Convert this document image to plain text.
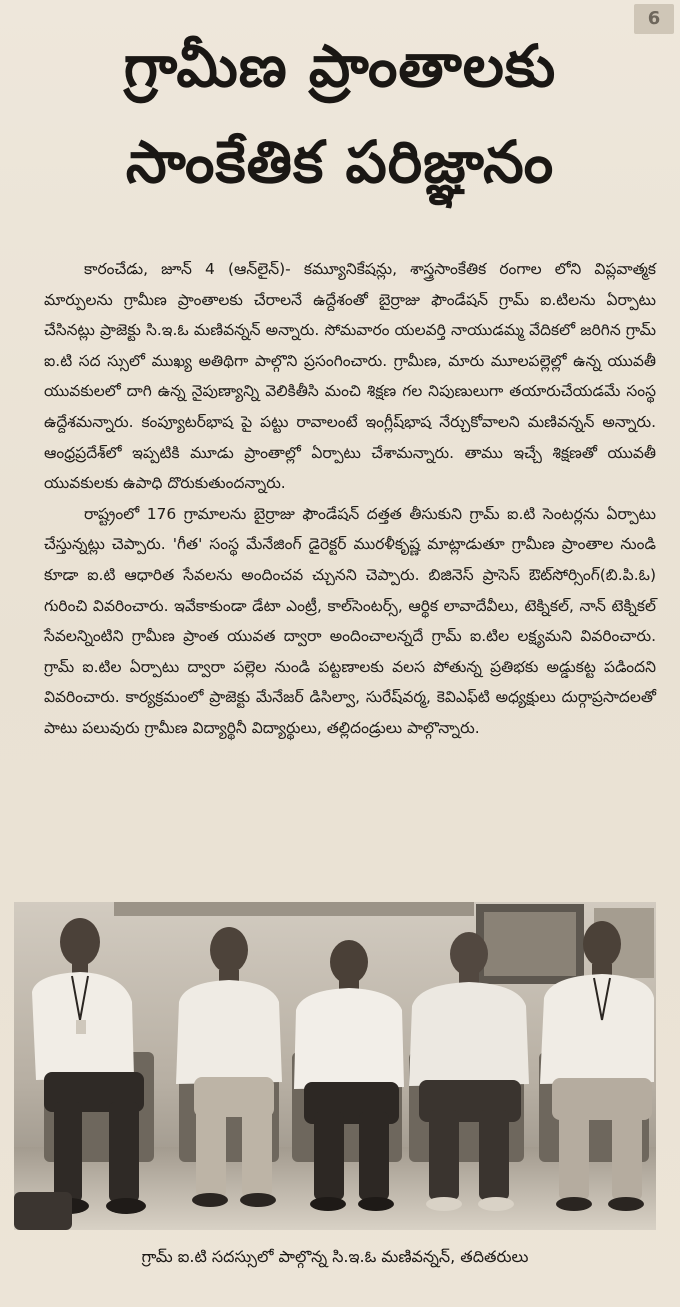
6
గ్రామీణ ప్రాంతాలకు
సాంకేతిక పరిజ్ఞానం

కారంచేడు, జూన్ 4 (ఆన్‌లైన్)- కమ్యూనికేషన్లు, శాస్త్రసాంకేతిక రంగాల లోని విప్లవాత్మక మార్పులను గ్రామీణ ప్రాంతాలకు చేరాలనే ఉద్దేశంతో బైర్రాజు ఫౌండేషన్ గ్రామ్ ఐ.టిలను ఏర్పాటు చేసినట్లు ప్రాజెక్టు సి.ఇ.ఓ మణివన్నన్ అన్నారు. సోమవారం యలవర్తి నాయుడమ్మ వేదికలో జరిగిన గ్రామ్ ఐ.టి సద స్సులో ముఖ్య అతిథిగా పాల్గొని ప్రసంగించారు. గ్రామీణ, మారు మూలపల్లెల్లో ఉన్న యువతీ యువకులలో దాగి ఉన్న నైపుణ్యాన్ని వెలికితీసి మంచి శిక్షణ గల నిపుణులుగా తయారుచేయడమే సంస్థ ఉద్దేశమన్నారు. కంప్యూటర్‌భాష పై పట్టు రావాలంటే ఇంగ్లీష్‌భాష నేర్చుకోవాలని మణివన్నన్ అన్నారు. ఆంధ్రప్రదేశ్‌లో ఇప్పటికి మూడు ప్రాంతాల్లో ఏర్పాటు చేశామన్నారు. తాము ఇచ్చే శిక్షణతో యువతీ యువకులకు ఉపాధి దొరుకుతుందన్నారు.

రాష్ట్రంలో 176 గ్రామాలను బైర్రాజు ఫౌండేషన్ దత్తత తీసుకుని గ్రామ్ ఐ.టి సెంటర్లను ఏర్పాటు చేస్తున్నట్లు చెప్పారు. 'గీత' సంస్థ మేనేజింగ్ డైరెక్టర్ మురళీకృష్ణ మాట్లాడుతూ గ్రామీణ ప్రాంతాల నుండి కూడా ఐ.టి ఆధారిత సేవలను అందించవ చ్చునని చెప్పారు. బిజినెస్ ప్రాసెస్ ఔట్‌సోర్సింగ్(బి.పి.ఓ) గురించి వివరించారు. ఇవేకాకుండా డేటా ఎంట్రీ, కాల్‌సెంటర్స్, ఆర్థిక లావాదేవీలు, టెక్నికల్, నాన్ టెక్నికల్ సేవలన్నింటిని గ్రామీణ ప్రాంత యువత ద్వారా అందించాలన్నదే గ్రామ్ ఐ.టిల లక్ష్యమని వివరించారు. గ్రామ్ ఐ.టిల ఏర్పాటు ద్వారా పల్లెల నుండి పట్టణాలకు వలస పోతున్న ప్రతిభకు అడ్డుకట్ట పడిందని వివరించారు. కార్యక్రమంలో ప్రాజెక్టు మేనేజర్ డిసిల్వా, సురేష్‌వర్మ, కెవిఎఫ్‌టి అధ్యక్షులు దుర్గాప్రసాదలతో పాటు పలువురు గ్రామీణ విద్యార్థినీ విద్యార్థులు, తల్లిదండ్రులు పాల్గొన్నారు.

గ్రామ్ ఐ.టి సదస్సులో పాల్గొన్న సి.ఇ.ఓ మణివన్నన్, తదితరులు
